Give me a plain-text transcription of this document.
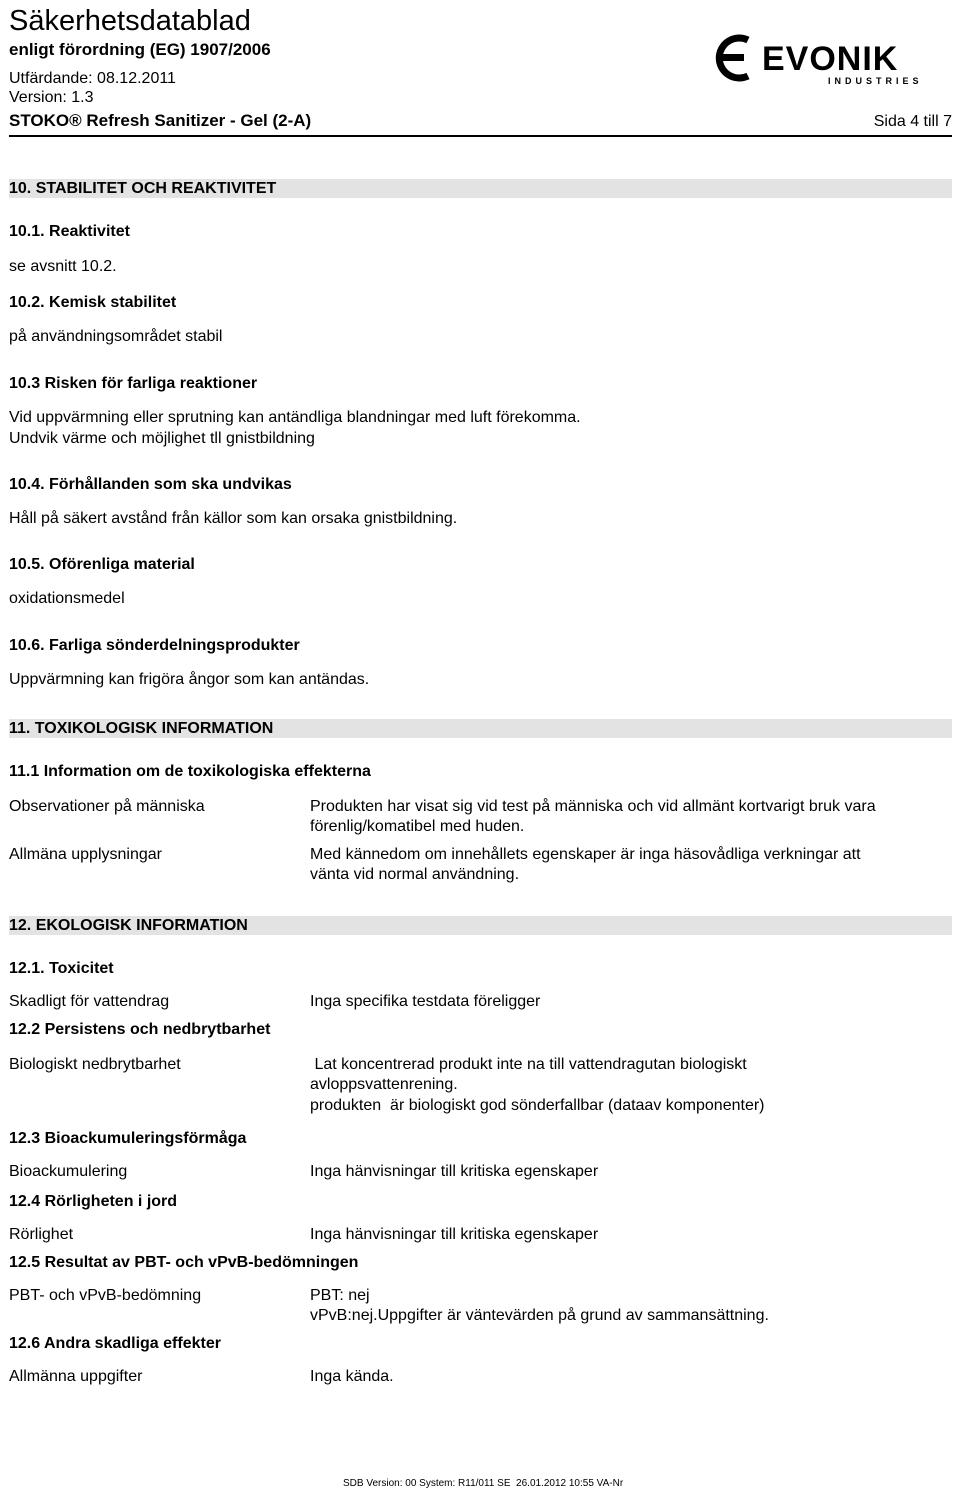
Säkerhetsdatablad
enligt förordning (EG) 1907/2006
Utfärdande: 08.12.2011
Version: 1.3
STOKO® Refresh Sanitizer - Gel (2-A)	Sida 4 till 7
EVONIK
INDUSTRIES
10. STABILITET OCH REAKTIVITET
10.1. Reaktivitet
se avsnitt 10.2.
10.2. Kemisk stabilitet
på användningsområdet stabil
10.3 Risken för farliga reaktioner
Vid uppvärmning eller sprutning kan antändliga blandningar med luft förekomma.
Undvik värme och möjlighet tll gnistbildning
10.4. Förhållanden som ska undvikas
Håll på säkert avstånd från källor som kan orsaka gnistbildning.
10.5. Oförenliga material
oxidationsmedel
10.6. Farliga sönderdelningsprodukter
Uppvärmning kan frigöra ångor som kan antändas.
11. TOXIKOLOGISK INFORMATION
11.1 Information om de toxikologiska effekterna
Observationer på människa	Produkten har visat sig vid test på människa och vid allmänt kortvarigt bruk vara
förenlig/komatibel med huden.
Allmäna upplysningar	Med kännedom om innehållets egenskaper är inga häsovådliga verkningar att
vänta vid normal användning.
12. EKOLOGISK INFORMATION
12.1. Toxicitet
Skadligt för vattendrag	Inga specifika testdata föreligger
12.2 Persistens och nedbrytbarhet
Biologiskt nedbrytbarhet	Lat koncentrerad produkt inte na till vattendragutan biologiskt
avloppsvattenrening.
produkten  är biologiskt god sönderfallbar (dataav komponenter)
12.3 Bioackumuleringsförmåga
Bioackumulering	Inga hänvisningar till kritiska egenskaper
12.4 Rörligheten i jord
Rörlighet	Inga hänvisningar till kritiska egenskaper
12.5 Resultat av PBT- och vPvB-bedömningen
PBT- och vPvB-bedömning	PBT: nej
vPvB:nej.Uppgifter är väntevärden på grund av sammansättning.
12.6 Andra skadliga effekter
Allmänna uppgifter	Inga kända.
SDB Version: 00 System: R11/011 SE  26.01.2012 10:55 VA-Nr
